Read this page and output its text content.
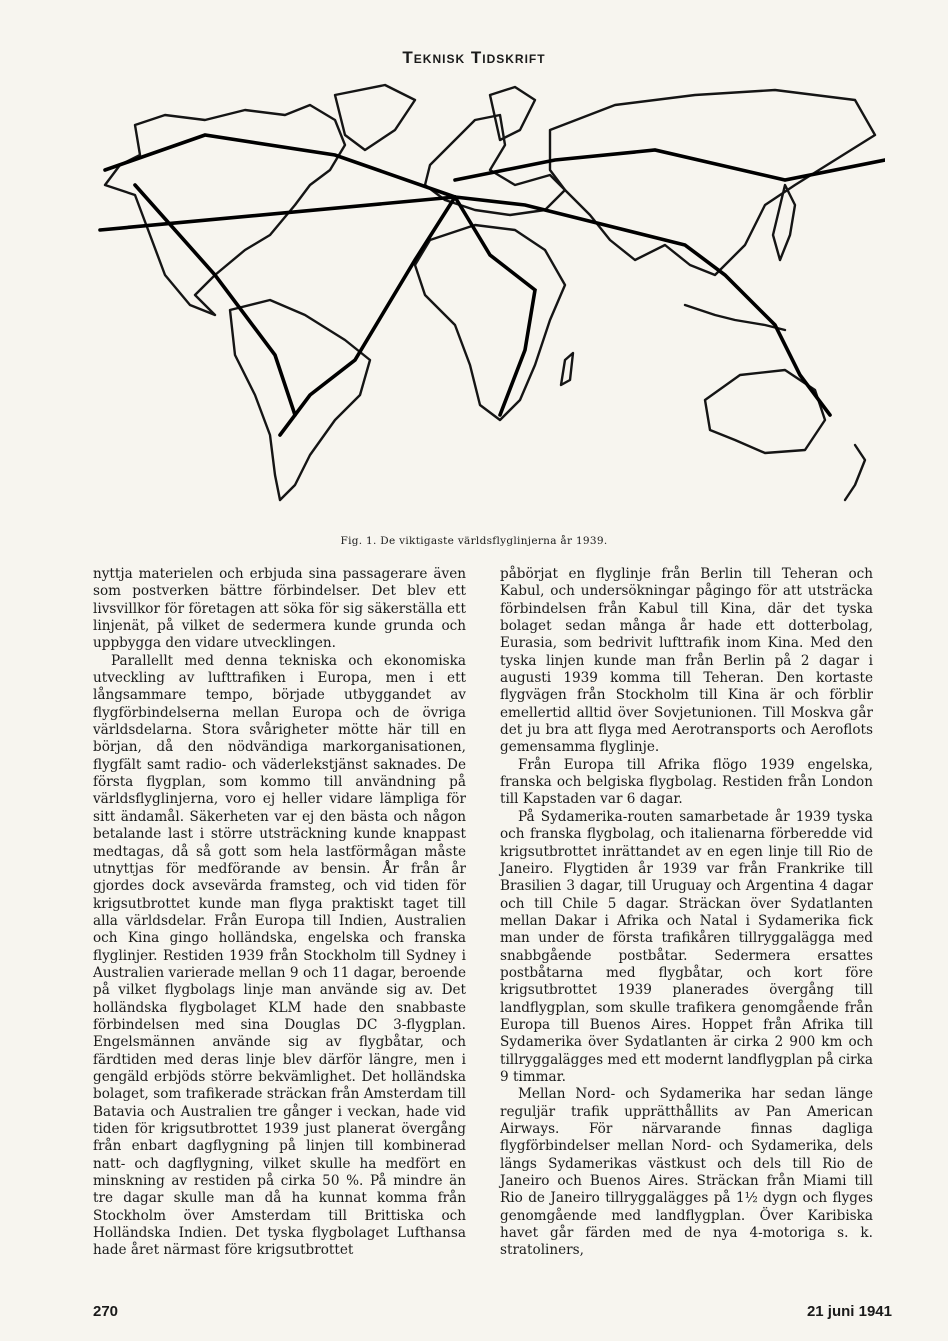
Teknisk Tidskrift
Fig. 1. De viktigaste världsflyglinjerna år 1939.

nyttja materielen och erbjuda sina passagerare även som postverken bättre förbindelser. Det blev ett livsvillkor för företagen att söka för sig säkerställa ett linjenät, på vilket de sedermera kunde grunda och uppbygga den vidare utvecklingen.

Parallellt med denna tekniska och ekonomiska utveckling av lufttrafiken i Europa, men i ett långsammare tempo, började utbyggandet av flygförbindelserna mellan Europa och de övriga världsdelarna. Stora svårigheter mötte här till en början, då den nödvändiga markorganisationen, flygfält samt radio- och väderlekstjänst saknades. De första flygplan, som kommo till användning på världsflyglinjerna, voro ej heller vidare lämpliga för sitt ändamål. Säkerheten var ej den bästa och någon betalande last i större utsträckning kunde knappast medtagas, då så gott som hela lastförmågan måste utnyttjas för medförande av bensin. År från år gjordes dock avsevärda framsteg, och vid tiden för krigsutbrottet kunde man flyga praktiskt taget till alla världsdelar. Från Europa till Indien, Australien och Kina gingo holländska, engelska och franska flyglinjer. Restiden 1939 från Stockholm till Sydney i Australien varierade mellan 9 och 11 dagar, beroende på vilket flygbolags linje man använde sig av. Det holländska flygbolaget KLM hade den snabbaste förbindelsen med sina Douglas DC 3-flygplan. Engelsmännen använde sig av flygbåtar, och färdtiden med deras linje blev därför längre, men i gengäld erbjöds större bekvämlighet. Det holländska bolaget, som trafikerade sträckan från Amsterdam till Batavia och Australien tre gånger i veckan, hade vid tiden för krigsutbrottet 1939 just planerat övergång från enbart dagflygning på linjen till kombinerad natt- och dagflygning, vilket skulle ha medfört en minskning av restiden på cirka 50 %. På mindre än tre dagar skulle man då ha kunnat komma från Stockholm över Amsterdam till Brittiska och Holländska Indien. Det tyska flygbolaget Lufthansa hade året närmast före krigsutbrottet

påbörjat en flyglinje från Berlin till Teheran och Kabul, och undersökningar pågingo för att utsträcka förbindelsen från Kabul till Kina, där det tyska bolaget sedan många år hade ett dotterbolag, Eurasia, som bedrivit lufttrafik inom Kina. Med den tyska linjen kunde man från Berlin på 2 dagar i augusti 1939 komma till Teheran. Den kortaste flygvägen från Stockholm till Kina är och förblir emellertid alltid över Sovjetunionen. Till Moskva går det ju bra att flyga med Aerotransports och Aeroflots gemensamma flyglinje.

Från Europa till Afrika flögo 1939 engelska, franska och belgiska flygbolag. Restiden från London till Kapstaden var 6 dagar.

På Sydamerika-routen samarbetade år 1939 tyska och franska flygbolag, och italienarna förberedde vid krigsutbrottet inrättandet av en egen linje till Rio de Janeiro. Flygtiden år 1939 var från Frankrike till Brasilien 3 dagar, till Uruguay och Argentina 4 dagar och till Chile 5 dagar. Sträckan över Sydatlanten mellan Dakar i Afrika och Natal i Sydamerika fick man under de första trafikåren tillryggalägga med snabbgående postbåtar. Sedermera ersattes postbåtarna med flygbåtar, och kort före krigsutbrottet 1939 planerades övergång till landflygplan, som skulle trafikera genomgående från Europa till Buenos Aires. Hoppet från Afrika till Sydamerika över Sydatlanten är cirka 2 900 km och tillryggalägges med ett modernt landflygplan på cirka 9 timmar.

Mellan Nord- och Sydamerika har sedan länge reguljär trafik upprätthållits av Pan American Airways. För närvarande finnas dagliga flygförbindelser mellan Nord- och Sydamerika, dels längs Sydamerikas västkust och dels till Rio de Janeiro och Buenos Aires. Sträckan från Miami till Rio de Janeiro tillryggalägges på 1½ dygn och flyges genomgående med landflygplan. Över Karibiska havet går färden med de nya 4-motoriga s. k. stratoliners,

270	21 juni 1941
